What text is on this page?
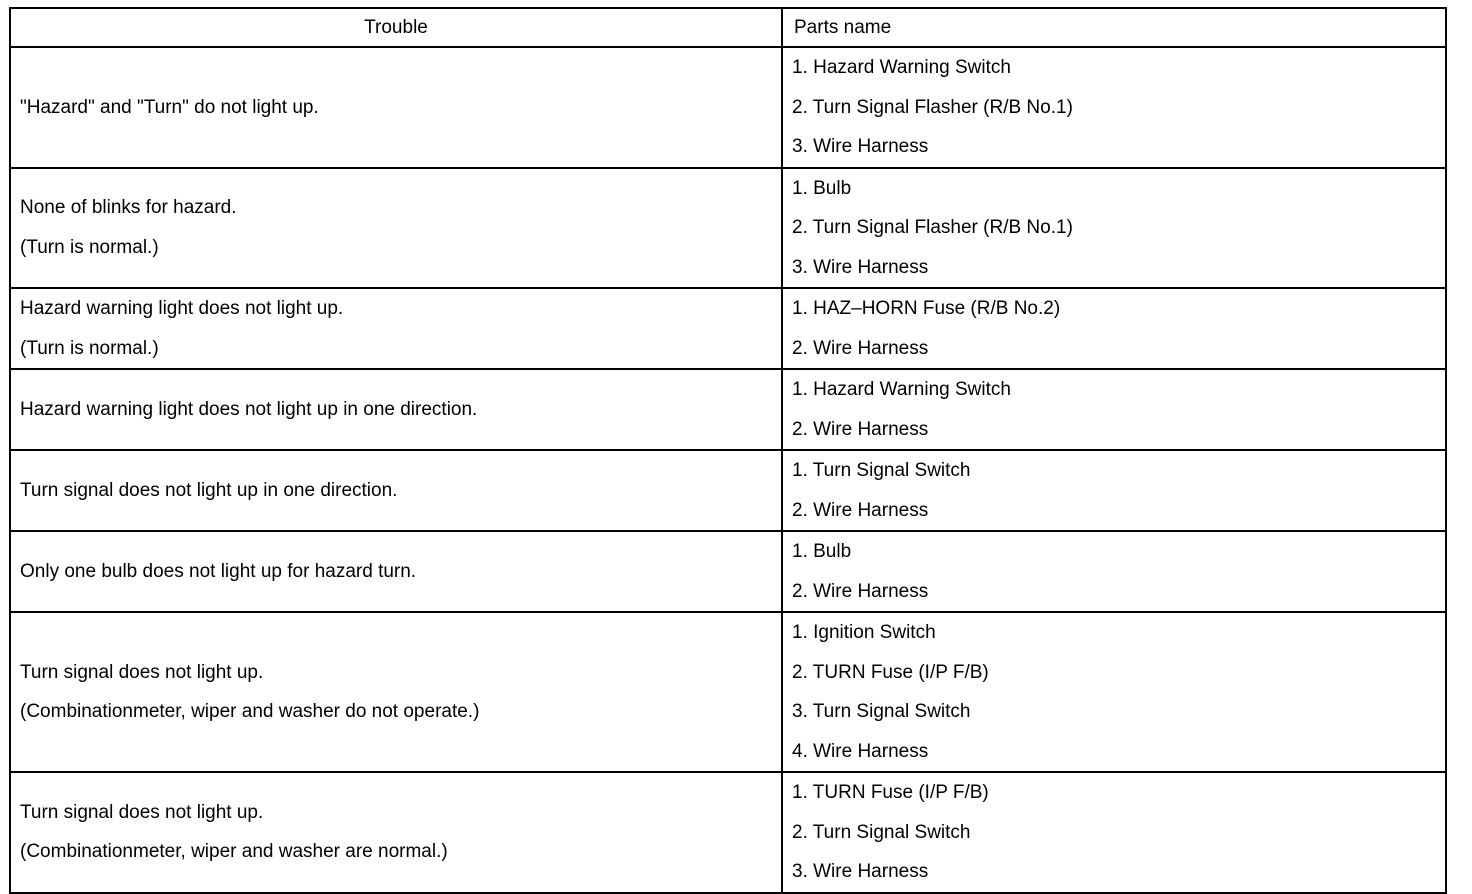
Trouble	Parts name

"Hazard" and "Turn" do not light up.	1. Hazard Warning Switch
2. Turn Signal Flasher (R/B No.1)
3. Wire Harness

None of blinks for hazard.
(Turn is normal.)	1. Bulb
2. Turn Signal Flasher (R/B No.1)
3. Wire Harness

Hazard warning light does not light up.
(Turn is normal.)	1. HAZ–HORN Fuse (R/B No.2)
2. Wire Harness

Hazard warning light does not light up in one direction.	1. Hazard Warning Switch
2. Wire Harness

Turn signal does not light up in one direction.	1. Turn Signal Switch
2. Wire Harness

Only one bulb does not light up for hazard turn.	1. Bulb
2. Wire Harness

Turn signal does not light up.
(Combinationmeter, wiper and washer do not operate.)	1. Ignition Switch
2. TURN Fuse (I/P F/B)
3. Turn Signal Switch
4. Wire Harness

Turn signal does not light up.
(Combinationmeter, wiper and washer are normal.)	1. TURN Fuse (I/P F/B)
2. Turn Signal Switch
3. Wire Harness
